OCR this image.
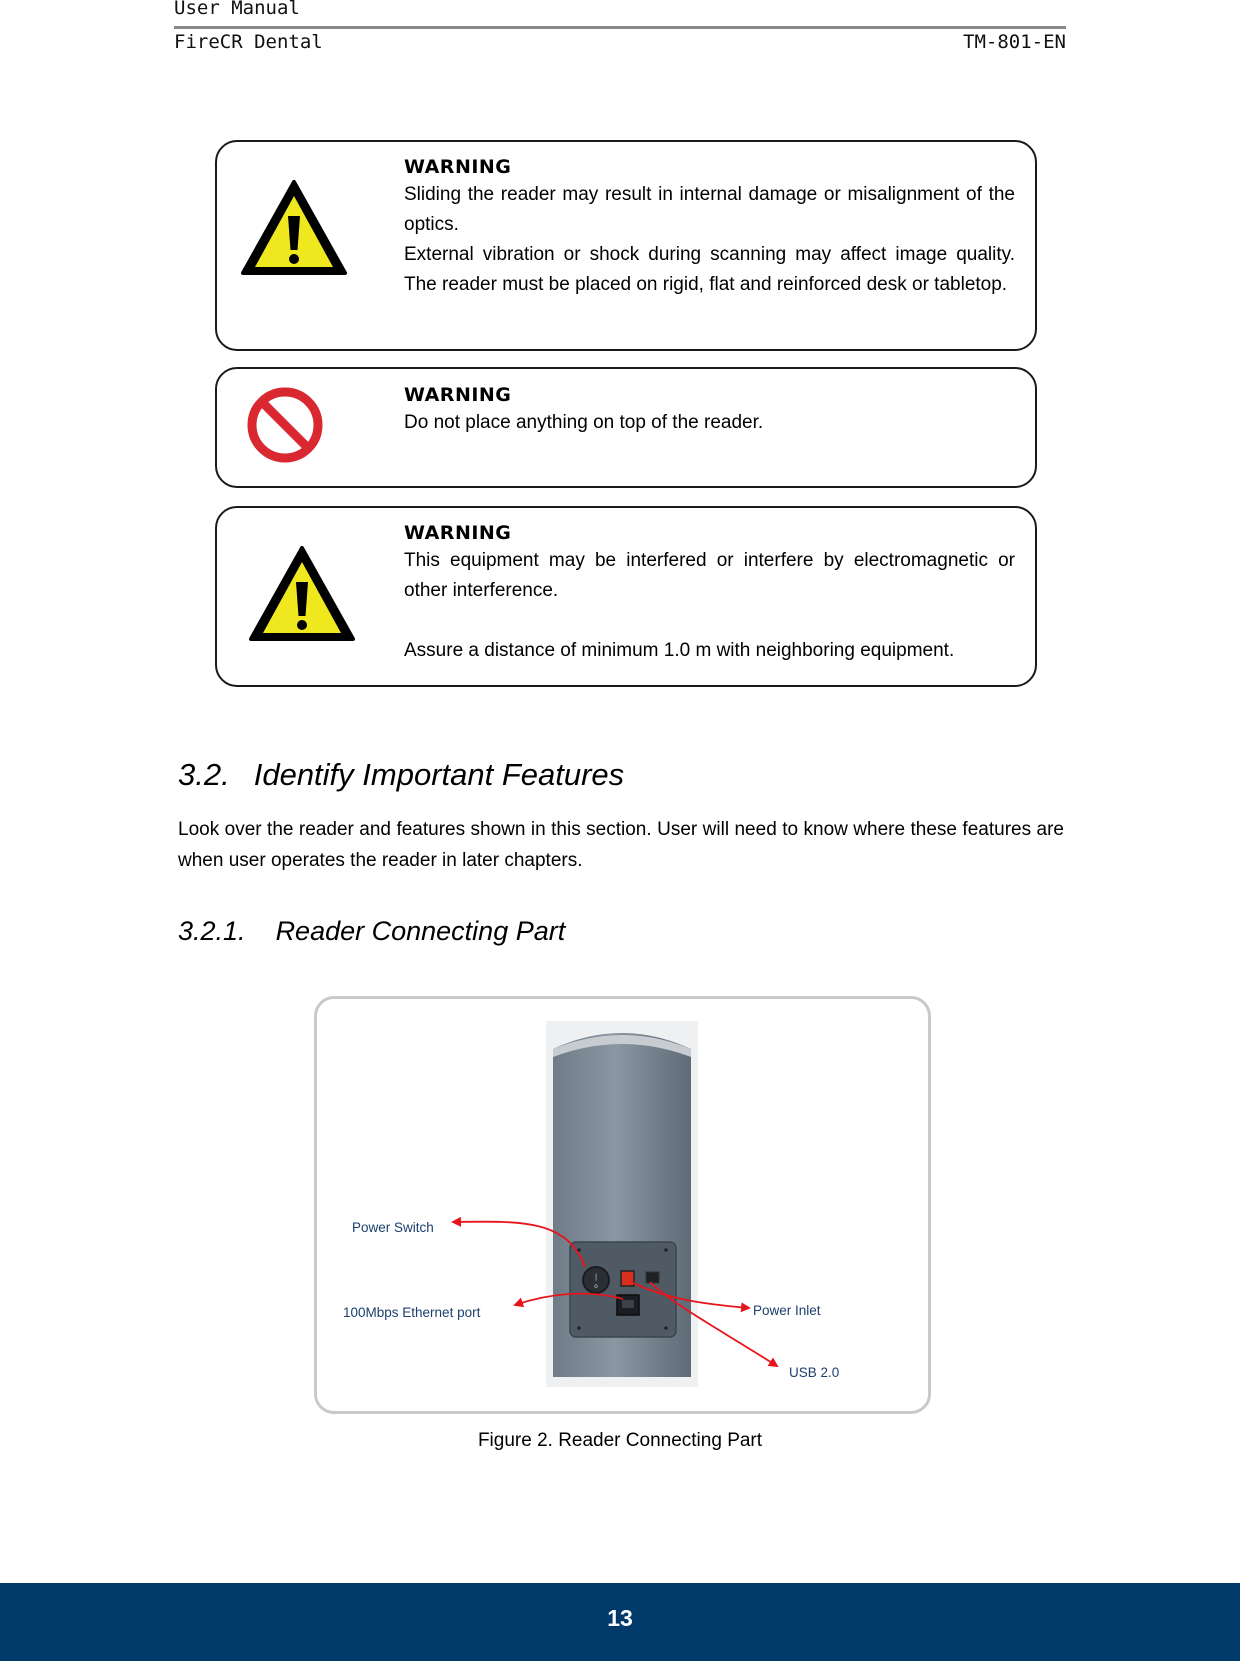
User Manual
FireCR Dental	TM-801-EN
WARNING
Sliding the reader may result in internal damage or misalignment of the optics.
External vibration or shock during scanning may affect image quality. The reader must be placed on rigid, flat and reinforced desk or tabletop.
WARNING
Do not place anything on top of the reader.
WARNING
This equipment may be interfered or interfere by electromagnetic or other interference.
Assure a distance of minimum 1.0 m with neighboring equipment.
3.2. Identify Important Features
Look over the reader and features shown in this section. User will need to know where these features are when user operates the reader in later chapters.
3.2.1. Reader Connecting Part
|
o
Power Switch
100Mbps Ethernet port	Power Inlet
USB 2.0
Figure 2. Reader Connecting Part
13
